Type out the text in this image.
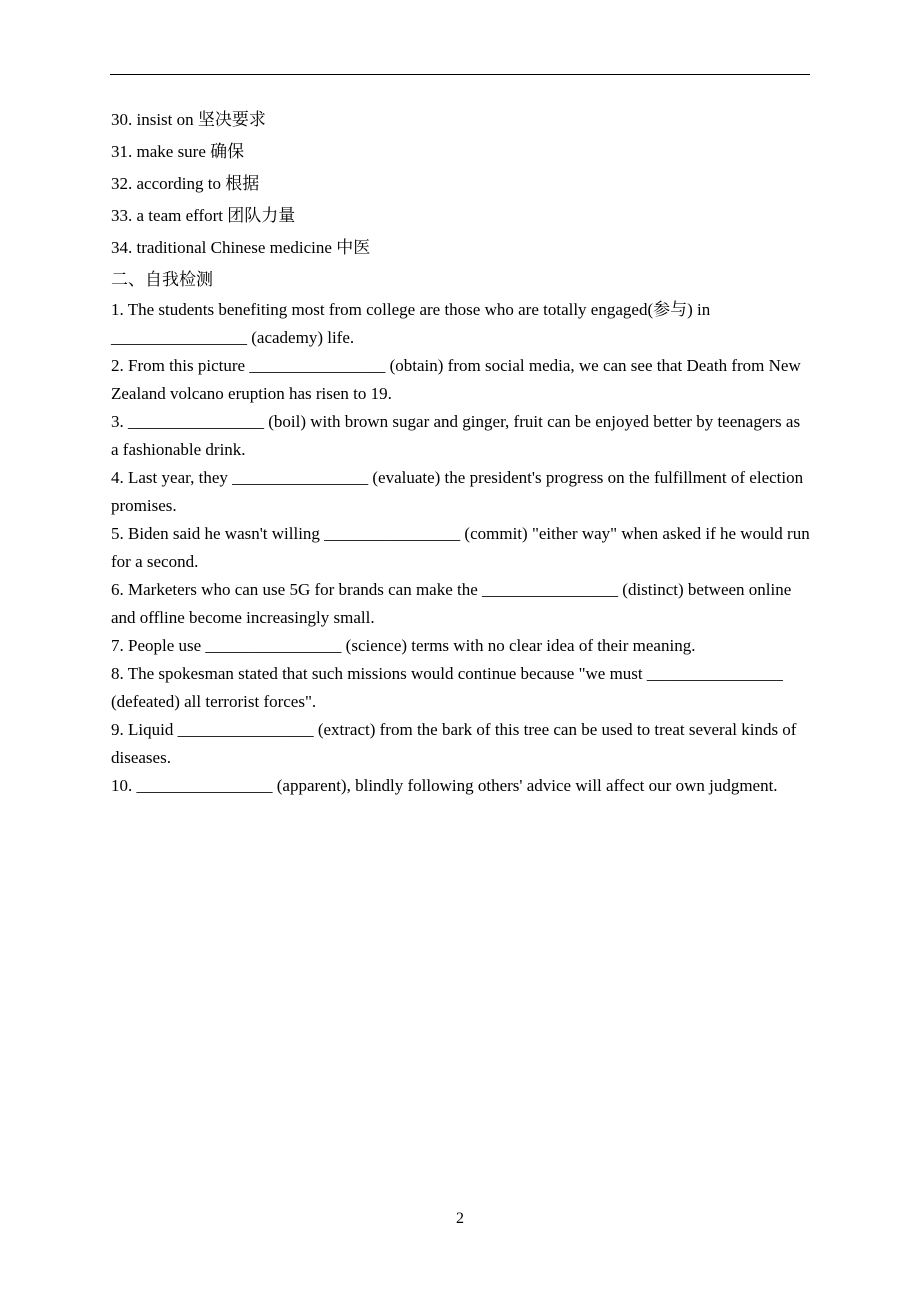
30. insist on 坚决要求

31. make sure 确保

32. according to 根据

33. a team effort 团队力量

34. traditional Chinese medicine 中医

二、自我检测

1. The students benefiting most from college are those who are totally engaged(参与) in ________________ (academy) life.

2. From this picture ________________ (obtain) from social media, we can see that Death from New Zealand volcano eruption has risen to 19.

3. ________________ (boil) with brown sugar and ginger, fruit can be enjoyed better by teenagers as a fashionable drink.

4. Last year, they ________________ (evaluate) the president's progress on the fulfillment of election promises.

5. Biden said he wasn't willing ________________ (commit) "either way" when asked if he would run for a second.

6. Marketers who can use 5G for brands can make the ________________ (distinct) between online and offline become increasingly small.

7. People use ________________ (science) terms with no clear idea of their meaning.

8. The spokesman stated that such missions would continue because "we must ________________ (defeated) all terrorist forces".

9. Liquid ________________ (extract) from the bark of this tree can be used to treat several kinds of diseases.

10. ________________ (apparent), blindly following others' advice will affect our own judgment.

2
